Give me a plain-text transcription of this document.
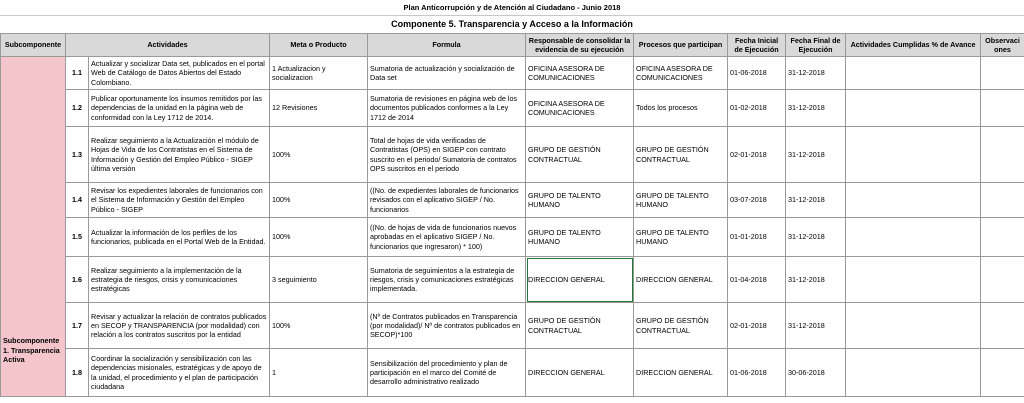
Plan Anticorrupción y de Atención al Ciudadano - Junio 2018
Componente 5. Transparencia y Acceso a la Información
Subcomponente	Actividades		Meta o Producto	Formula	Responsable de consolidar la evidencia de su ejecución	Procesos que participan	Fecha Inicial de Ejecución	Fecha Final de Ejecución	Actividades Cumplidas % de Avance	Observaciones
Subcomponente 1. Transparencia Activa	1.1	Actualizar y socializar Data set, publicados en el portal Web de Catálogo de Datos Abiertos del Estado Colombiano.	1 Actualizacion y socializacion	Sumatoria de actualización y socialización de Data set	OFICINA ASESORA DE COMUNICACIONES	OFICINA ASESORA DE COMUNICACIONES	01-06-2018	31-12-2018		
	1.2	Publicar oportunamente los insumos remitidos por las dependencias de la unidad en la página web de conformidad con la Ley 1712 de 2014.	12 Revisiones	Sumatoria de revisiones en página web de los documentos publicados conformes a la Ley 1712 de 2014	OFICINA ASESORA DE COMUNICACIONES	Todos los procesos	01-02-2018	31-12-2018		
	1.3	Realizar seguimiento a la Actualización el módulo de Hojas de Vida de los Contratistas en el Sistema de Información y Gestión del Empleo Público - SIGEP última versión	100%	Total de hojas de vida verificadas de Contratistas (OPS) en SIGEP con contrato suscrito en el periodo/ Sumatoria de contratos OPS suscritos en el periodo	GRUPO DE GESTIÓN CONTRACTUAL	GRUPO DE GESTIÓN CONTRACTUAL	02-01-2018	31-12-2018		
	1.4	Revisar los expedientes laborales de funcionarios con el Sistema de Información y Gestión del Empleo Público - SIGEP	100%	((No. de expedientes laborales de funcionarios revisados con el aplicativo SIGEP / No. funcionarios	GRUPO DE TALENTO HUMANO	GRUPO DE TALENTO HUMANO	03-07-2018	31-12-2018		
	1.5	Actualizar la información de los perfiles de los funcionarios, publicada en el Portal Web de la Entidad.	100%	((No. de hojas de vida de funcionarios nuevos aprobadas en el aplicativo SIGEP / No. funcionarios que ingresaron) * 100)	GRUPO DE TALENTO HUMANO	GRUPO DE TALENTO HUMANO	01-01-2018	31-12-2018		
	1.6	Realizar seguimiento a la implementación de la estrategia de riesgos, crisis y comunicaciones estratégicas	3 seguimiento	Sumatoria de seguimientos a la estrategia de riesgos, crisis y comunicaciones estratégicas implementada.	DIRECCION GENERAL	DIRECCION GENERAL	01-04-2018	31-12-2018		
	1.7	Revisar y actualizar la relación de contratos publicados en SECOP y TRANSPARENCIA (por modalidad) con relación a los contratos suscritos por la entidad	100%	(Nº de Contratos publicados en Transparencia (por modalidad)/ Nº de contratos publicados en SECOP)*100	GRUPO DE GESTIÓN CONTRACTUAL	GRUPO DE GESTIÓN CONTRACTUAL	02-01-2018	31-12-2018		
	1.8	Coordinar la socialización y sensibilización con las dependencias misionales, estratégicas y de apoyo de la unidad, el procedimiento y el plan de participación ciudadana	1	Sensibilización del procedimiento y plan de participación en el marco del Comité de desarrollo administrativo realizado	DIRECCION GENERAL	DIRECCION GENERAL	01-06-2018	30-06-2018		
